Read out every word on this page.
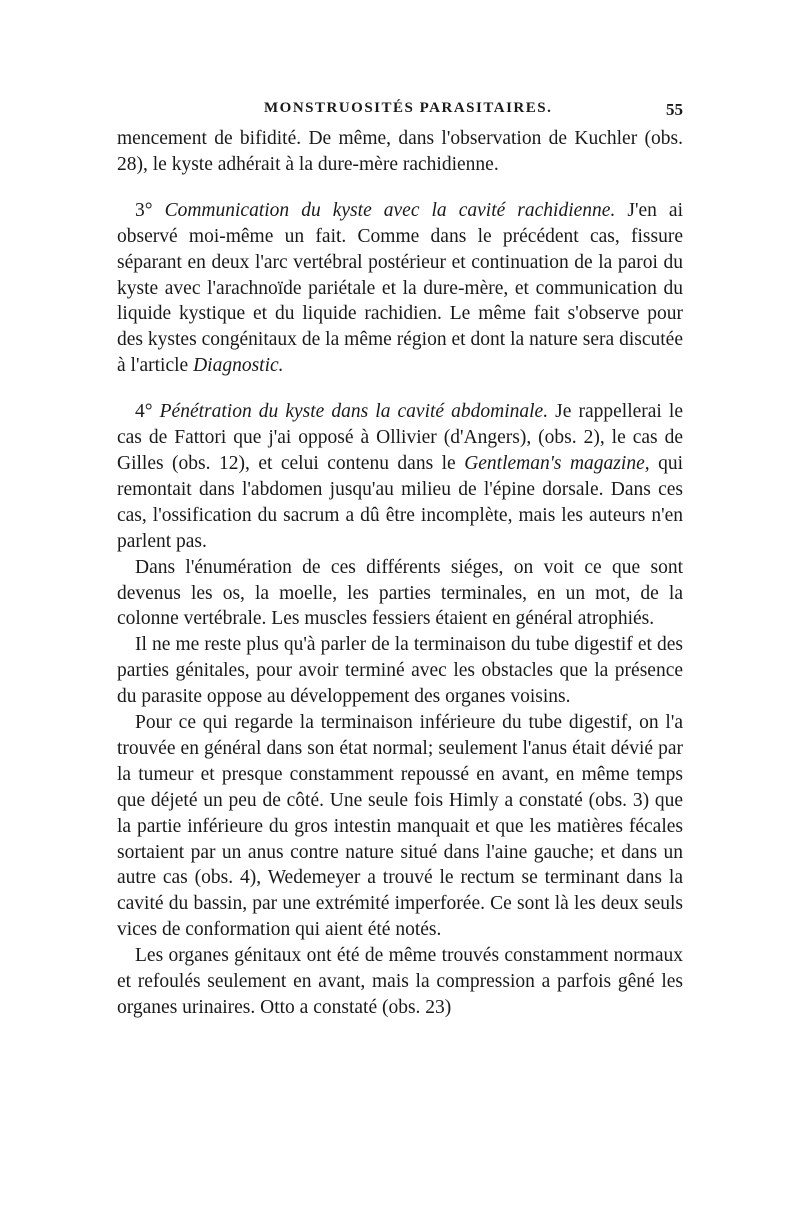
MONSTRUOSITÉS PARASITAIRES.	55

mencement de bifidité. De même, dans l'observation de Kuchler (obs. 28), le kyste adhérait à la dure-mère rachidienne.

3° Communication du kyste avec la cavité rachidienne. J'en ai observé moi-même un fait. Comme dans le précédent cas, fissure séparant en deux l'arc vertébral postérieur et continuation de la paroi du kyste avec l'arachnoïde pariétale et la dure-mère, et communication du liquide kystique et du liquide rachidien. Le même fait s'observe pour des kystes congénitaux de la même région et dont la nature sera discutée à l'article Diagnostic.

4° Pénétration du kyste dans la cavité abdominale. Je rappellerai le cas de Fattori que j'ai opposé à Ollivier (d'Angers), (obs. 2), le cas de Gilles (obs. 12), et celui contenu dans le Gentleman's magazine, qui remontait dans l'abdomen jusqu'au milieu de l'épine dorsale. Dans ces cas, l'ossification du sacrum a dû être incomplète, mais les auteurs n'en parlent pas.

Dans l'énumération de ces différents siéges, on voit ce que sont devenus les os, la moelle, les parties terminales, en un mot, de la colonne vertébrale. Les muscles fessiers étaient en général atrophiés.

Il ne me reste plus qu'à parler de la terminaison du tube digestif et des parties génitales, pour avoir terminé avec les obstacles que la présence du parasite oppose au développement des organes voisins.

Pour ce qui regarde la terminaison inférieure du tube digestif, on l'a trouvée en général dans son état normal; seulement l'anus était dévié par la tumeur et presque constamment repoussé en avant, en même temps que déjeté un peu de côté. Une seule fois Himly a constaté (obs. 3) que la partie inférieure du gros intestin manquait et que les matières fécales sortaient par un anus contre nature situé dans l'aine gauche; et dans un autre cas (obs. 4), Wedemeyer a trouvé le rectum se terminant dans la cavité du bassin, par une extrémité imperforée. Ce sont là les deux seuls vices de conformation qui aient été notés.

Les organes génitaux ont été de même trouvés constamment normaux et refoulés seulement en avant, mais la compression a parfois gêné les organes urinaires. Otto a constaté (obs. 23)
